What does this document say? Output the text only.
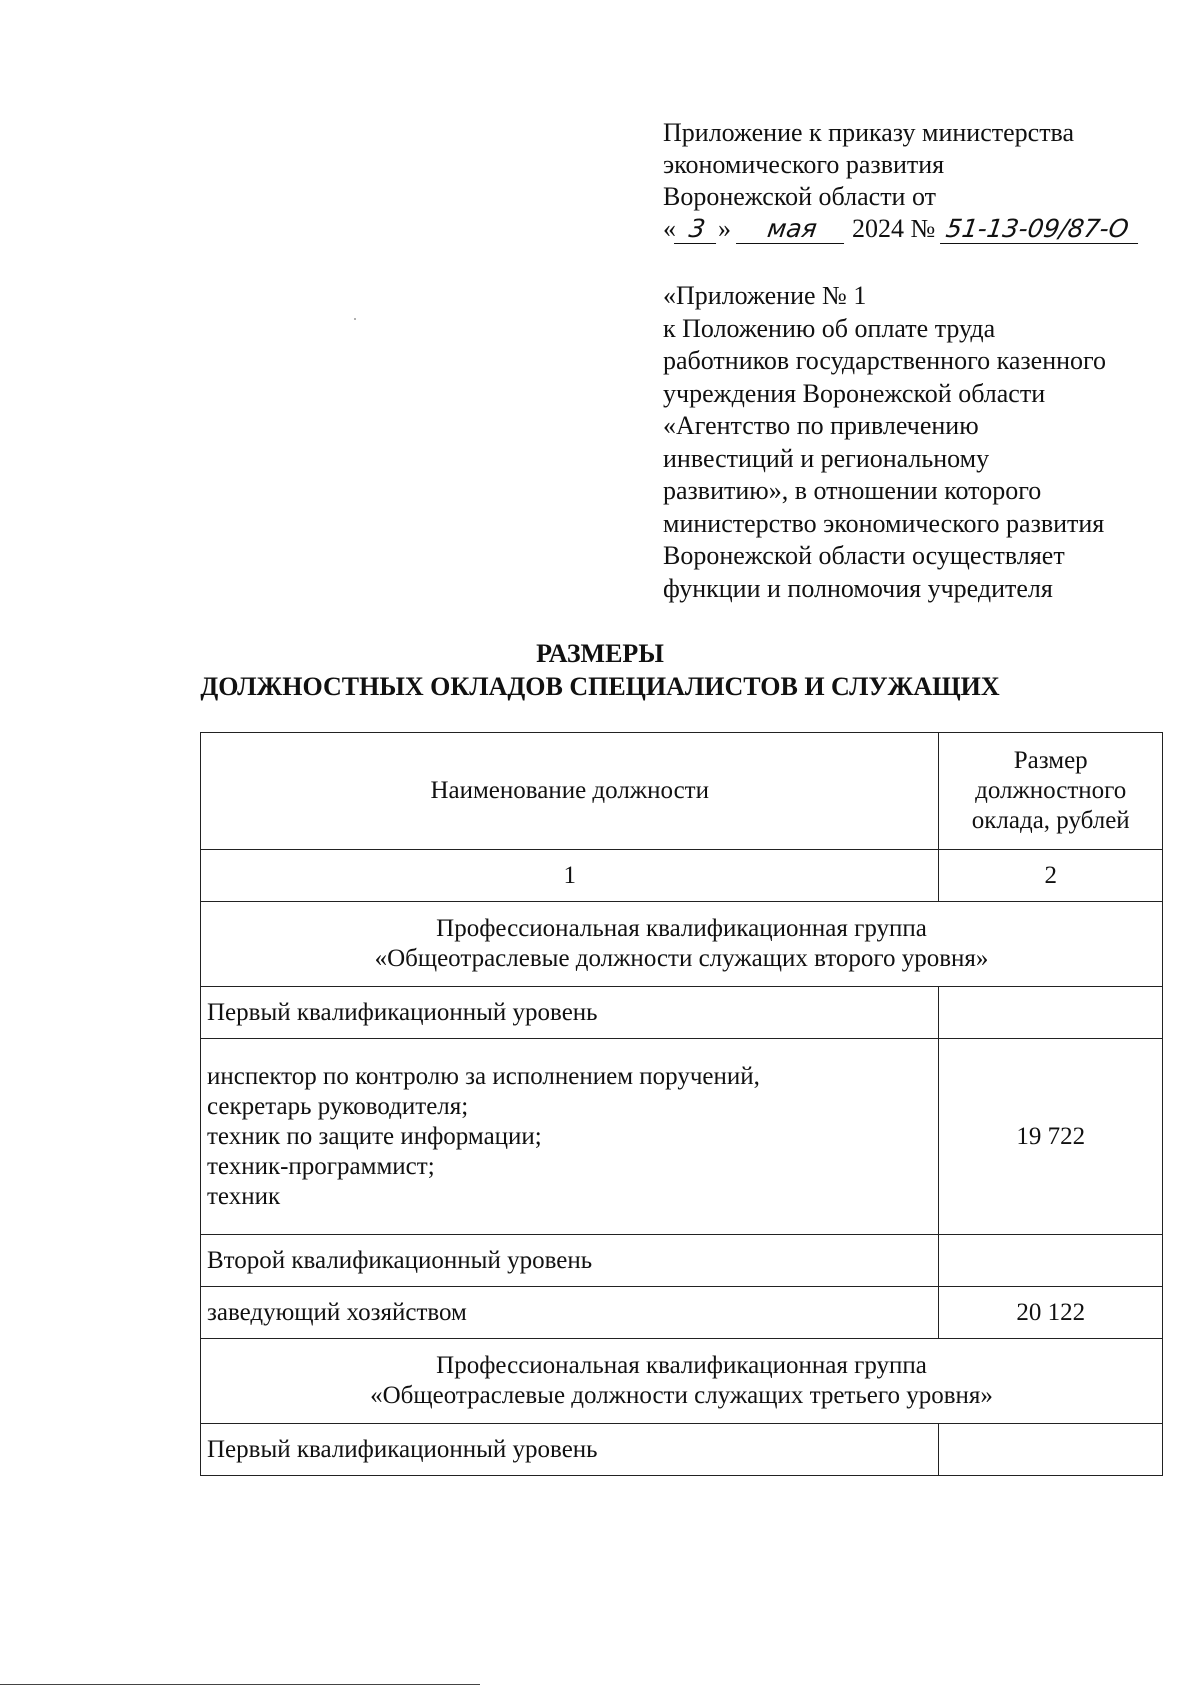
Приложение к приказу министерства
экономического развития
Воронежской области от
« 3 » мая 2024 № 51-13-09/87-О
«Приложение № 1
к Положению об оплате труда
работников государственного казенного
учреждения Воронежской области
«Агентство по привлечению
инвестиций и региональному
развитию», в отношении которого
министерство экономического развития
Воронежской области осуществляет
функции и полномочия учредителя
РАЗМЕРЫ
ДОЛЖНОСТНЫХ ОКЛАДОВ СПЕЦИАЛИСТОВ И СЛУЖАЩИХ
Наименование должности	Размер
должностного
оклада, рублей

1	2

Профессиональная квалификационная группа
«Общеотраслевые должности служащих второго уровня»	

Первый квалификационный уровень	

инспектор по контролю за исполнением поручений,
секретарь руководителя;
техник по защите информации;
техник-программист;
техник	19 722
Второй квалификационный уровень	
заведующий хозяйством	20 122

Профессиональная квалификационная группа
«Общеотраслевые должности служащих третьего уровня»	

Первый квалификационный уровень	
